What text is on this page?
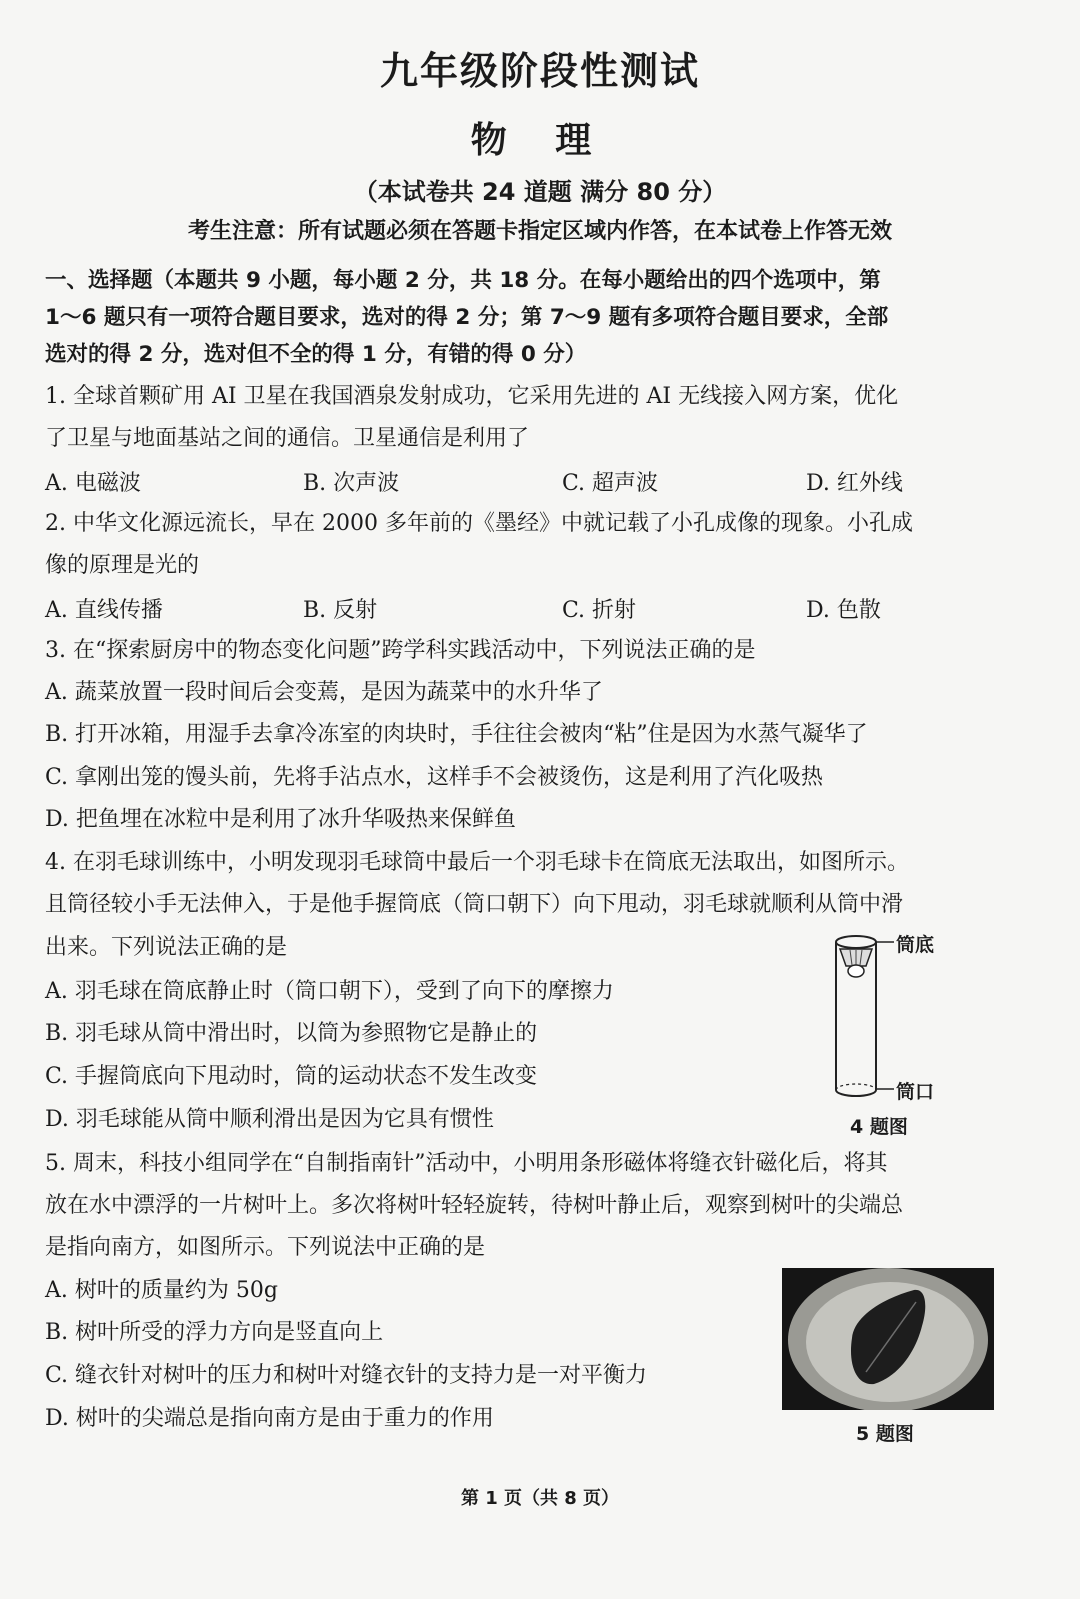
九年级阶段性测试
物 理
（本试卷共 24 道题 满分 80 分）
考生注意：所有试题必须在答题卡指定区域内作答，在本试卷上作答无效
一、选择题（本题共 9 小题，每小题 2 分，共 18 分。在每小题给出的四个选项中，第
1～6 题只有一项符合题目要求，选对的得 2 分；第 7～9 题有多项符合题目要求，全部
选对的得 2 分，选对但不全的得 1 分，有错的得 0 分）
1. 全球首颗矿用 AI 卫星在我国酒泉发射成功，它采用先进的 AI 无线接入网方案，优化
了卫星与地面基站之间的通信。卫星通信是利用了
A. 电磁波	B. 次声波	C. 超声波	D. 红外线
2. 中华文化源远流长，早在 2000 多年前的《墨经》中就记载了小孔成像的现象。小孔成
像的原理是光的
A. 直线传播	B. 反射	C. 折射	D. 色散
3. 在“探索厨房中的物态变化问题”跨学科实践活动中，下列说法正确的是
A. 蔬菜放置一段时间后会变蔫，是因为蔬菜中的水升华了
B. 打开冰箱，用湿手去拿冷冻室的肉块时，手往往会被肉“粘”住是因为水蒸气凝华了
C. 拿刚出笼的馒头前，先将手沾点水，这样手不会被烫伤，这是利用了汽化吸热
D. 把鱼埋在冰粒中是利用了冰升华吸热来保鲜鱼
4. 在羽毛球训练中，小明发现羽毛球筒中最后一个羽毛球卡在筒底无法取出，如图所示。
且筒径较小手无法伸入，于是他手握筒底（筒口朝下）向下甩动，羽毛球就顺利从筒中滑
出来。下列说法正确的是
A. 羽毛球在筒底静止时（筒口朝下），受到了向下的摩擦力
B. 羽毛球从筒中滑出时，以筒为参照物它是静止的
C. 手握筒底向下甩动时，筒的运动状态不发生改变
D. 羽毛球能从筒中顺利滑出是因为它具有惯性
筒底
筒口
4 题图
5. 周末，科技小组同学在“自制指南针”活动中，小明用条形磁体将缝衣针磁化后，将其
放在水中漂浮的一片树叶上。多次将树叶轻轻旋转，待树叶静止后，观察到树叶的尖端总
是指向南方，如图所示。下列说法中正确的是
A. 树叶的质量约为 50g
B. 树叶所受的浮力方向是竖直向上
C. 缝衣针对树叶的压力和树叶对缝衣针的支持力是一对平衡力
D. 树叶的尖端总是指向南方是由于重力的作用
5 题图
第 1 页（共 8 页）
